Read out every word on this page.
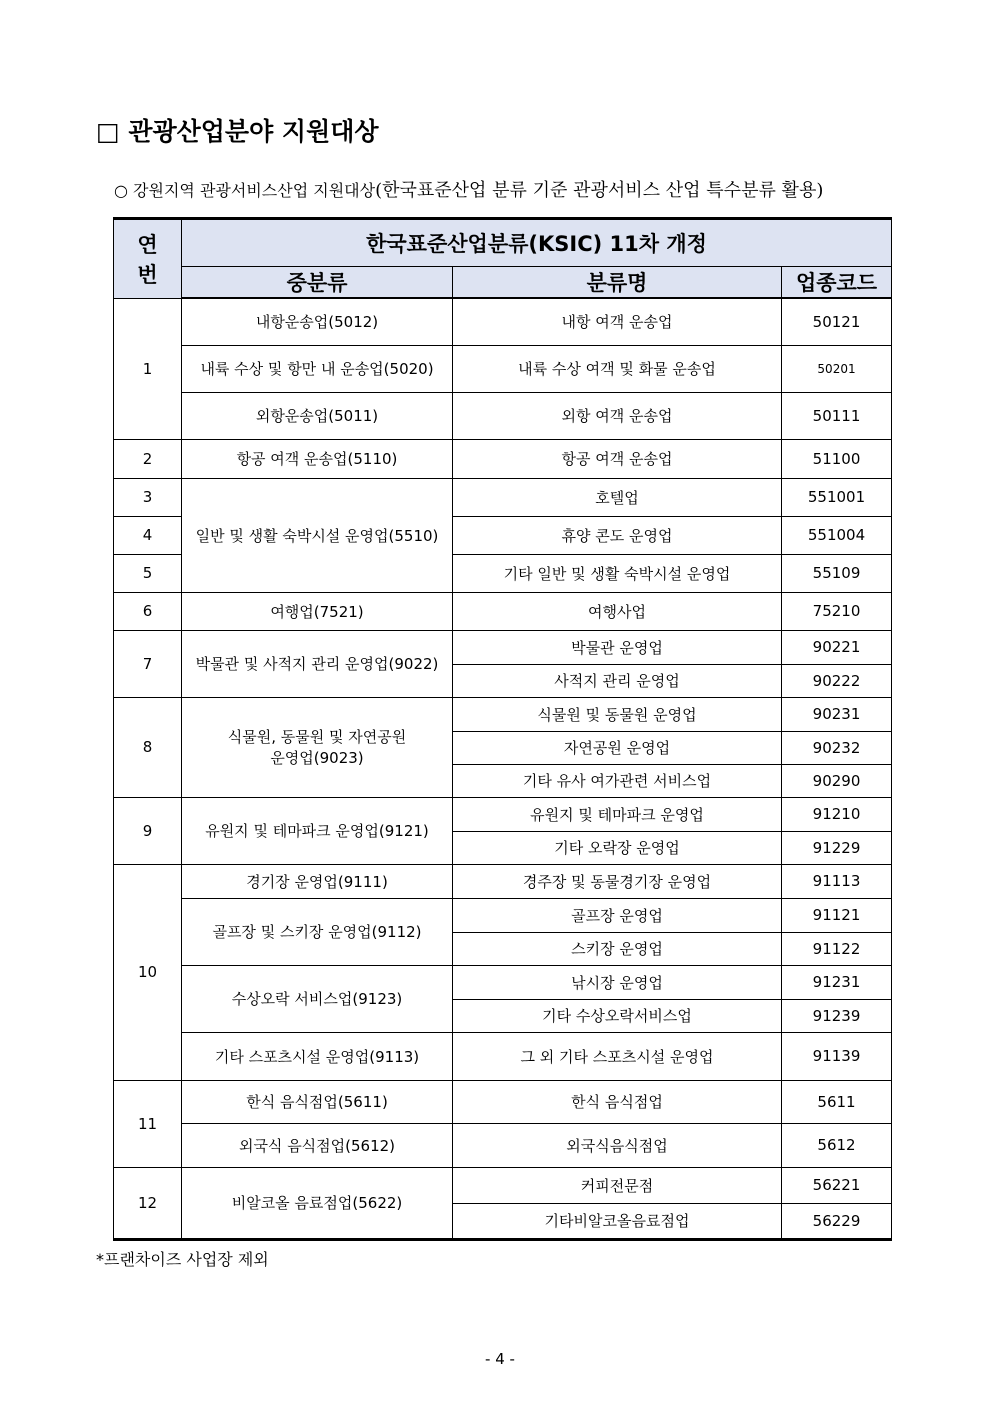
□ 관광산업분야 지원대상
○ 강원지역 관광서비스산업 지원대상(한국표준산업 분류 기준 관광서비스 산업 특수분류 활용)
연
번	한국표준산업분류(KSIC) 11차 개정		
	중분류	분류명	업종코드
1	내항운송업(5012)	내항 여객 운송업	50121
	내륙 수상 및 항만 내 운송업(5020)	내륙 수상 여객 및 화물 운송업	50201
	외항운송업(5011)	외항 여객 운송업	50111
2	항공 여객 운송업(5110)	항공 여객 운송업	51100
3	일반 및 생활 숙박시설 운영업(5510)	호텔업	551001
4		휴양 콘도 운영업	551004
5		기타 일반 및 생활 숙박시설 운영업	55109
6	여행업(7521)	여행사업	75210
7	박물관 및 사적지 관리 운영업(9022)	박물관 운영업	90221
		사적지 관리 운영업	90222
8	식물원, 동물원 및 자연공원
운영업(9023)	식물원 및 동물원 운영업	90231
		자연공원 운영업	90232
		기타 유사 여가관련 서비스업	90290
9	유원지 및 테마파크 운영업(9121)	유원지 및 테마파크 운영업	91210
		기타 오락장 운영업	91229
10	경기장 운영업(9111)	경주장 및 동물경기장 운영업	91113
	골프장 및 스키장 운영업(9112)	골프장 운영업	91121
		스키장 운영업	91122
	수상오락 서비스업(9123)	낚시장 운영업	91231
		기타 수상오락서비스업	91239
	기타 스포츠시설 운영업(9113)	그 외 기타 스포츠시설 운영업	91139
11	한식 음식점업(5611)	한식 음식점업	5611
	외국식 음식점업(5612)	외국식음식점업	5612
12	비알코올 음료점업(5622)	커피전문점	56221
		기타비알코올음료점업	56229
*프랜차이즈 사업장 제외
- 4 -
